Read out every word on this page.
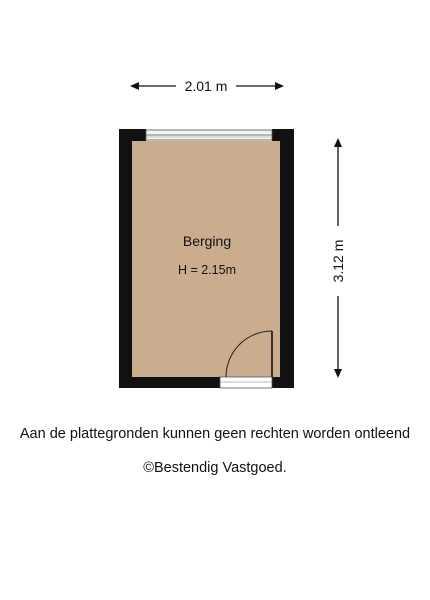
2.01 m
3.12 m
Berging
H = 2.15m
Aan de plattegronden kunnen geen rechten worden ontleend
©Bestendig Vastgoed.
